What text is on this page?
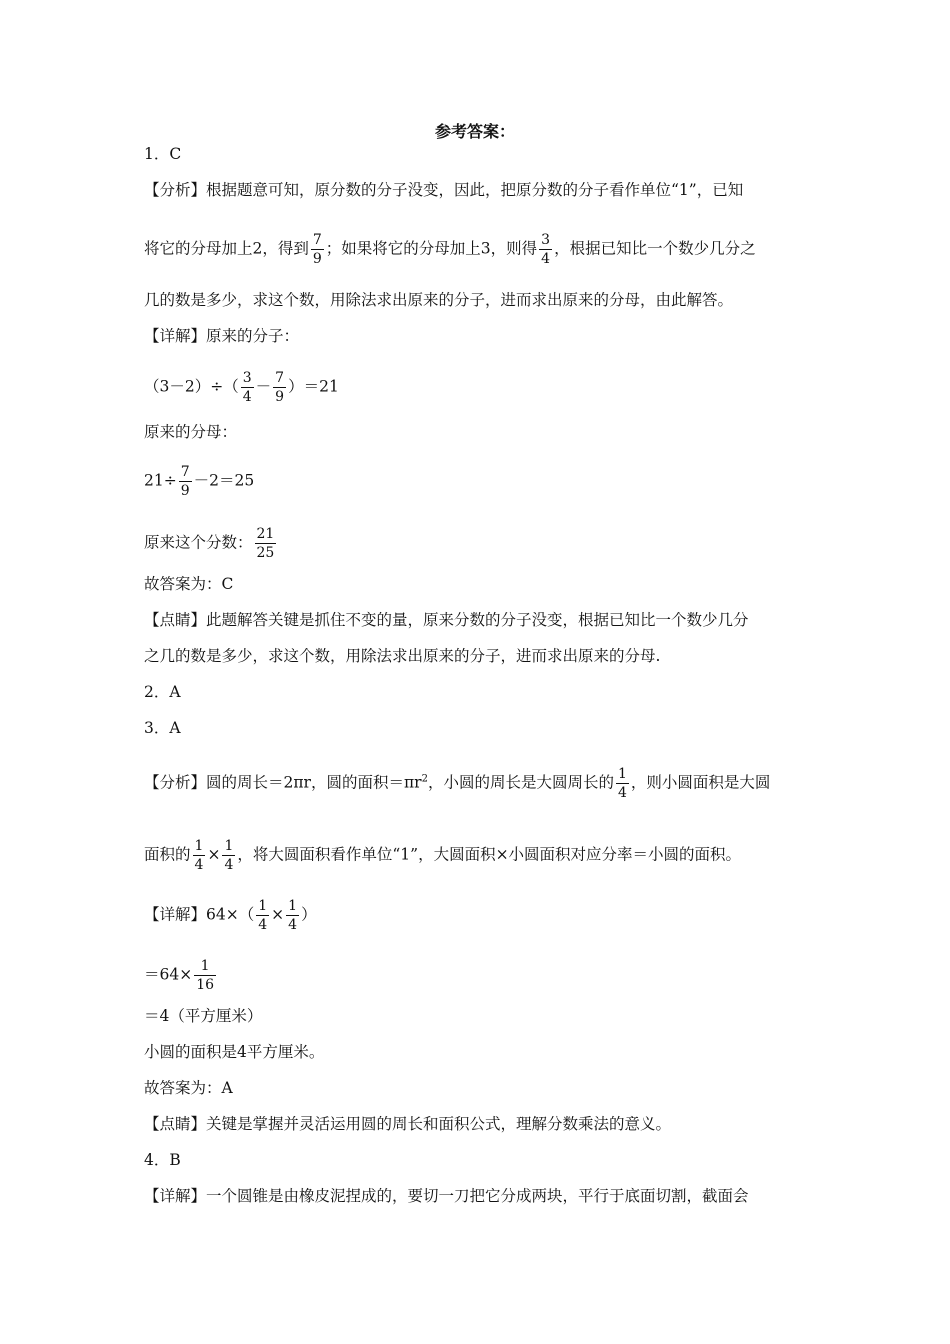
参考答案：
1．C
【分析】根据题意可知，原分数的分子没变，因此，把原分数的分子看作单位“1”，已知
将它的分母加上2，得到 $\frac{7}{9}$ ；如果将它的分母加上3，则得 $\frac{3}{4}$ ，根据已知比一个数少几分之
几的数是多少，求这个数，用除法求出原来的分子，进而求出原来的分母，由此解答。
【详解】原来的分子：
$(3-2)\div( \frac{3}{4} - \frac{7}{9} )=21$
原来的分母：
$21\div \frac{7}{9} -2=25$
原来这个分数： $\frac{21}{25}$
故答案为：C
【点睛】此题解答关键是抓住不变的量，原来分数的分子没变，根据已知比一个数少几分
之几的数是多少，求这个数，用除法求出原来的分子，进而求出原来的分母.
2．A
3．A
【分析】圆的周长＝2πr，圆的面积$=\pi r^2$，小圆的周长是大圆周长的 $\frac{1}{4}$ ，则小圆面积是大圆
面积的 $\frac{1}{4} \times \frac{1}{4}$ ，将大圆面积看作单位“1”，大圆面积×小圆面积对应分率＝小圆的面积。
【详解】$64\times( \frac{1}{4} \times \frac{1}{4}$ ）
$=64\times \frac{1}{16}$
＝4（平方厘米）
小圆的面积是4平方厘米。
故答案为：A
【点睛】关键是掌握并灵活运用圆的周长和面积公式，理解分数乘法的意义。
4．B
【详解】一个圆锥是由橡皮泥捏成的，要切一刀把它分成两块，平行于底面切割，截面会
